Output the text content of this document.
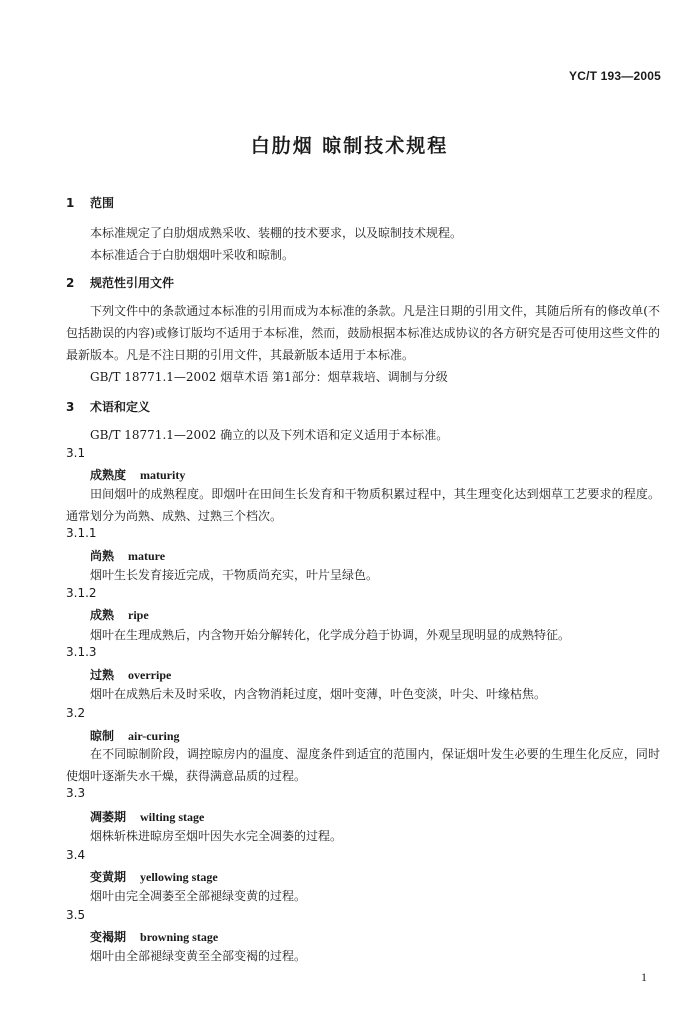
YC/T 193—2005
白肋烟 晾制技术规程
1 范围
本标准规定了白肋烟成熟采收、装棚的技术要求，以及晾制技术规程。
本标准适合于白肋烟烟叶采收和晾制。
2 规范性引用文件
下列文件中的条款通过本标准的引用而成为本标准的条款。凡是注日期的引用文件，其随后所有的修改单(不包括勘误的内容)或修订版均不适用于本标准，然而，鼓励根据本标准达成协议的各方研究是否可使用这些文件的最新版本。凡是不注日期的引用文件，其最新版本适用于本标准。
GB/T 18771.1—2002 烟草术语 第1部分：烟草栽培、调制与分级
3 术语和定义
GB/T 18771.1—2002 确立的以及下列术语和定义适用于本标准。
3.1
成熟度 maturity
田间烟叶的成熟程度。即烟叶在田间生长发育和干物质积累过程中，其生理变化达到烟草工艺要求的程度。通常划分为尚熟、成熟、过熟三个档次。
3.1.1
尚熟 mature
烟叶生长发育接近完成，干物质尚充实，叶片呈绿色。
3.1.2
成熟 ripe
烟叶在生理成熟后，内含物开始分解转化，化学成分趋于协调，外观呈现明显的成熟特征。
3.1.3
过熟 overripe
烟叶在成熟后未及时采收，内含物消耗过度，烟叶变薄，叶色变淡，叶尖、叶缘枯焦。
3.2
晾制 air-curing
在不同晾制阶段，调控晾房内的温度、湿度条件到适宜的范围内，保证烟叶发生必要的生理生化反应，同时使烟叶逐渐失水干燥，获得满意品质的过程。
3.3
凋萎期 wilting stage
烟株斩株进晾房至烟叶因失水完全凋萎的过程。
3.4
变黄期 yellowing stage
烟叶由完全凋萎至全部褪绿变黄的过程。
3.5
变褐期 browning stage
烟叶由全部褪绿变黄至全部变褐的过程。
1
